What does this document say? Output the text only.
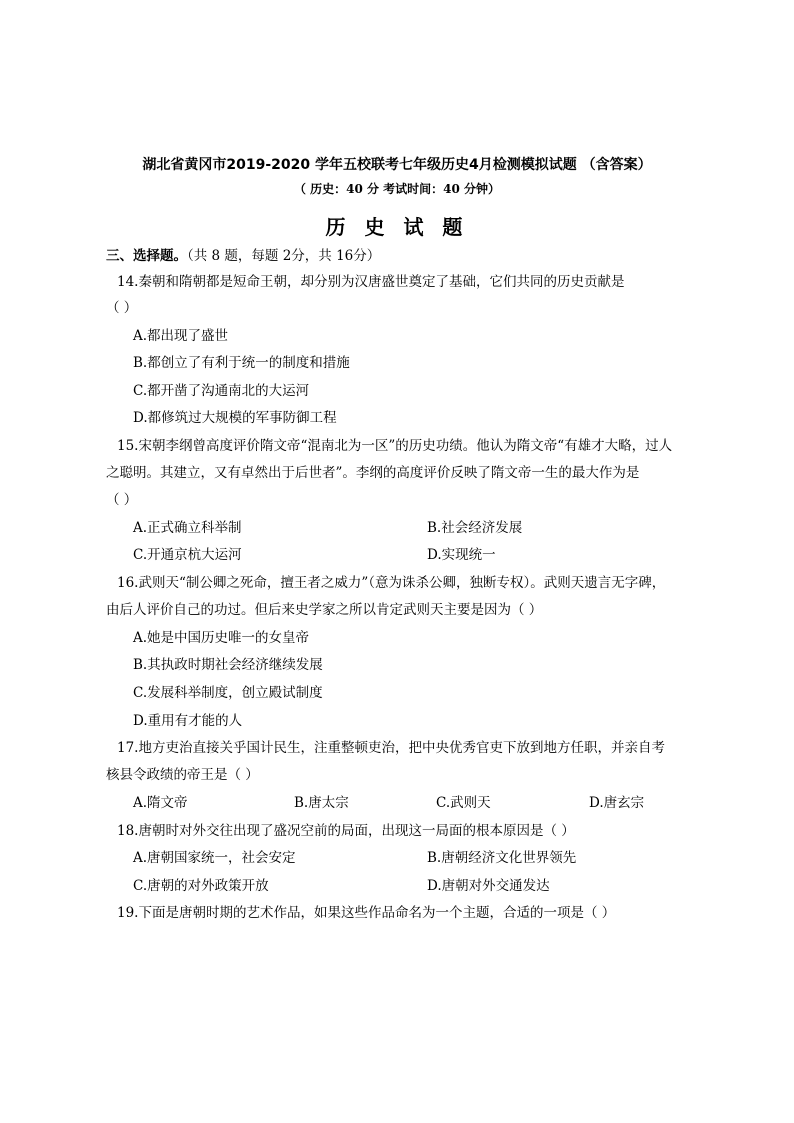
湖北省黄冈市2019-2020 学年五校联考七年级历史4月检测模拟试题 （含答案）
（ 历史：40 分 考试时间：40 分钟）
历 史 试 题
三、选择题。（共 8 题，每题 2分，共 16分）
14.秦朝和隋朝都是短命王朝，却分别为汉唐盛世奠定了基础，它们共同的历史贡献是
（ ）
A.都出现了盛世
B.都创立了有利于统一的制度和措施
C.都开凿了沟通南北的大运河
D.都修筑过大规模的军事防御工程
15.宋朝李纲曾高度评价隋文帝“混南北为一区”的历史功绩。他认为隋文帝“有雄才大略，过人
之聪明。其建立，又有卓然出于后世者”。李纲的高度评价反映了隋文帝一生的最大作为是
（ ）
A.正式确立科举制	B.社会经济发展
C.开通京杭大运河	D.实现统一
16.武则天“制公卿之死命，擅王者之威力”（意为诛杀公卿，独断专权）。武则天遗言无字碑，
由后人评价自己的功过。但后来史学家之所以肯定武则天主要是因为（ ）
A.她是中国历史唯一的女皇帝
B.其执政时期社会经济继续发展
C.发展科举制度，创立殿试制度
D.重用有才能的人
17.地方吏治直接关乎国计民生，注重整顿吏治，把中央优秀官吏下放到地方任职，并亲自考
核县令政绩的帝王是（ ）
A.隋文帝	B.唐太宗	C.武则天	D.唐玄宗
18.唐朝时对外交往出现了盛况空前的局面，出现这一局面的根本原因是（ ）
A.唐朝国家统一，社会安定	B.唐朝经济文化世界领先
C.唐朝的对外政策开放	D.唐朝对外交通发达
19.下面是唐朝时期的艺术作品，如果这些作品命名为一个主题，合适的一项是（ ）
